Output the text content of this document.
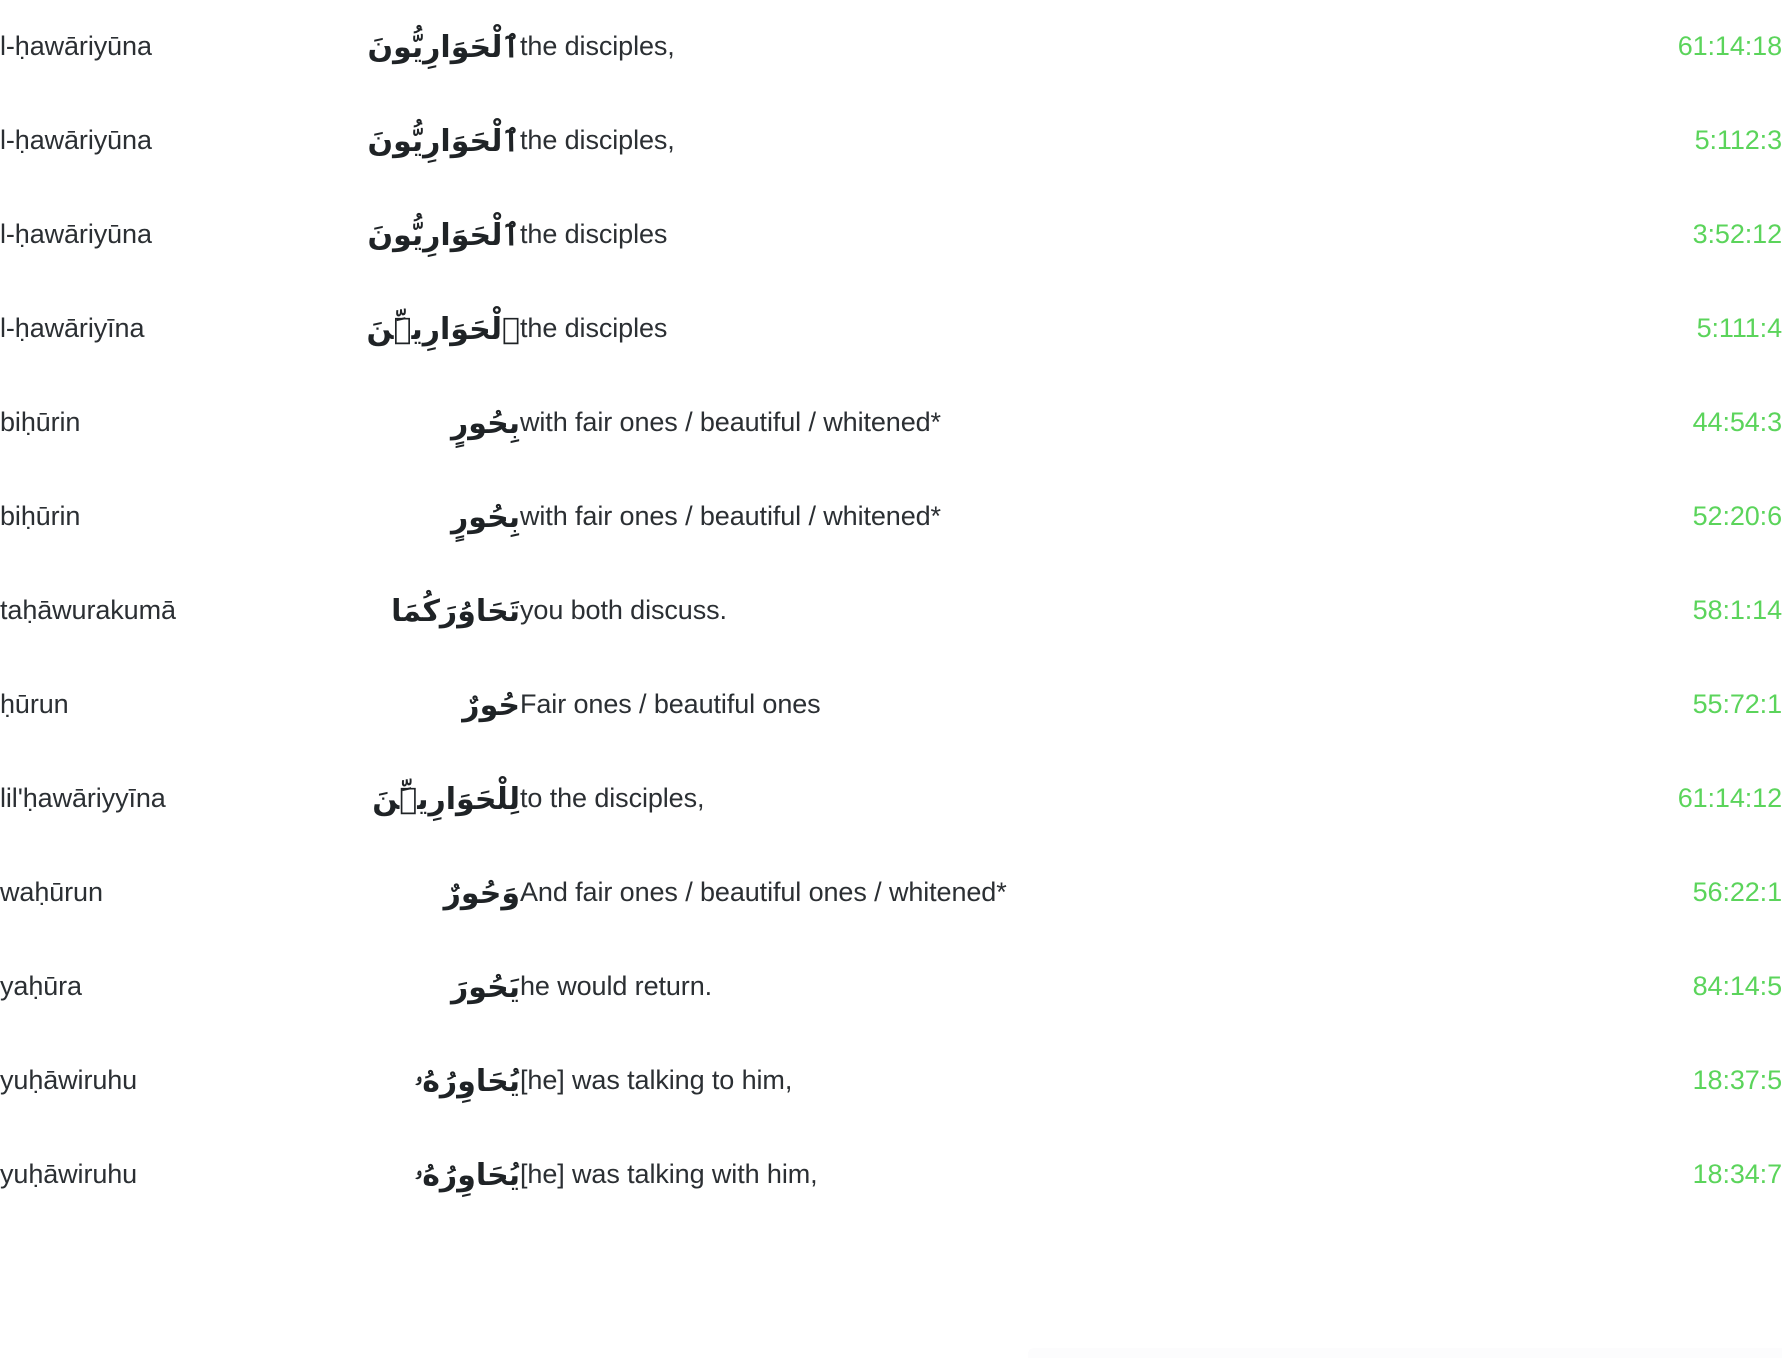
l-ḥawāriyūna	ٱلْحَوَارِيُّونَ	the disciples,	61:14:18
l-ḥawāriyūna	ٱلْحَوَارِيُّونَ	the disciples,	5:112:3
l-ḥawāriyūna	ٱلْحَوَارِيُّونَ	the disciples	3:52:12
l-ḥawāriyīna	ٱلْحَوَارِيِّۧنَ	the disciples	5:111:4
biḥūrin	بِحُورٍ	with fair ones / beautiful / whitened*	44:54:3
biḥūrin	بِحُورٍ	with fair ones / beautiful / whitened*	52:20:6
taḥāwurakumā	تَحَاوُرَكُمَا	you both discuss.	58:1:14
ḥūrun	حُورٌ	Fair ones / beautiful ones	55:72:1
lil'ḥawāriyyīna	لِلْحَوَارِيِّۧنَ	to the disciples,	61:14:12
waḥūrun	وَحُورٌ	And fair ones / beautiful ones / whitened*	56:22:1
yaḥūra	يَحُورَ	he would return.	84:14:5
yuḥāwiruhu	يُحَاوِرُهُۥ	[he] was talking to him,	18:37:5
yuḥāwiruhu	يُحَاوِرُهُۥ	[he] was talking with him,	18:34:7
